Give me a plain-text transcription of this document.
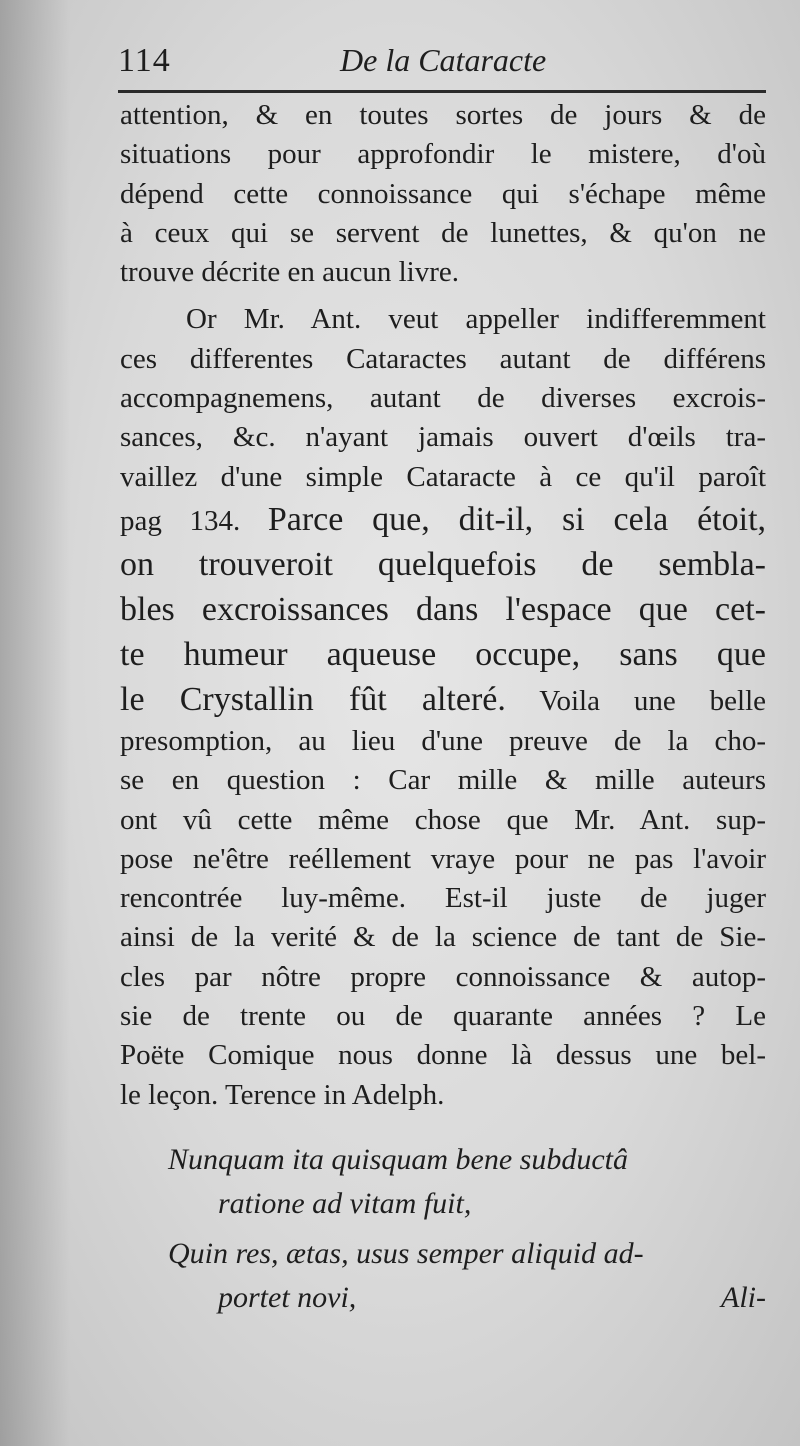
114	De la Cataracte
attention, & en toutes sortes de jours & de
situations pour approfondir le mistere, d'où
dépend cette connoissance qui s'échape même
à ceux qui se servent de lunettes, & qu'on ne
trouve décrite en aucun livre.
Or Mr. Ant. veut appeller indifferemment
ces differentes Cataractes autant de différens
accompagnemens, autant de diverses excrois-
sances, &c. n'ayant jamais ouvert d'œils tra-
vaillez d'une simple Cataracte à ce qu'il paroît
pag 134. Parce que, dit-il, si cela étoit,
on trouveroit quelquefois de sembla-
bles excroissances dans l'espace que cet-
te humeur aqueuse occupe, sans que
le Crystallin fût alteré. Voila une belle
presomption, au lieu d'une preuve de la cho-
se en question : Car mille & mille auteurs
ont vû cette même chose que Mr. Ant. sup-
pose ne'être reéllement vraye pour ne pas l'avoir
rencontrée luy-même. Est-il juste de juger
ainsi de la verité & de la science de tant de Sie-
cles par nôtre propre connoissance & autop-
sie de trente ou de quarante années ? Le
Poëte Comique nous donne là dessus une bel-
le leçon. Terence in Adelph.
Nunquam ita quisquam bene subductâ
ratione ad vitam fuit,
Quin res, ætas, usus semper aliquid ad-
portet novi,	Ali-
